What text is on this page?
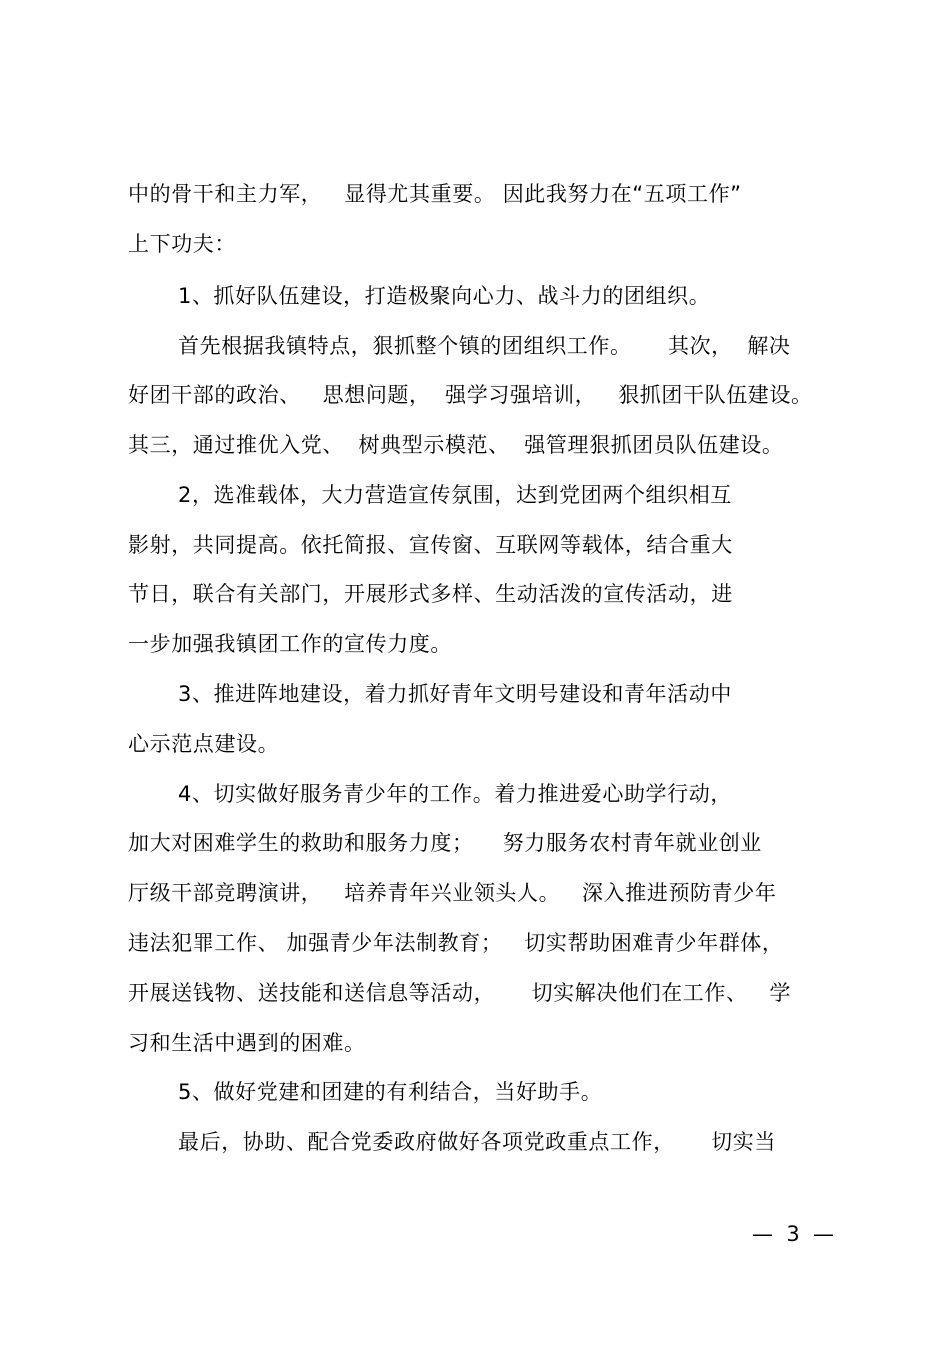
中的骨干和主力军，   显得尤其重要。 因此我努力在“五项工作”
上下功夫：
1、抓好队伍建设，打造极聚向心力、战斗力的团组织。
首先根据我镇特点，狠抓整个镇的团组织工作。     其次，  解决
好团干部的政治、   思想问题，  强学习强培训，   狠抓团干队伍建设。
其三，通过推优入党、  树典型示模范、  强管理狠抓团员队伍建设。
2，选准载体，大力营造宣传氛围，达到党团两个组织相互
影射，共同提高。依托简报、宣传窗、互联网等载体，结合重大
节日，联合有关部门，开展形式多样、生动活泼的宣传活动，进
一步加强我镇团工作的宣传力度。
3、推进阵地建设，着力抓好青年文明号建设和青年活动中
心示范点建设。
4、切实做好服务青少年的工作。着力推进爱心助学行动，
加大对困难学生的救助和服务力度；    努力服务农村青年就业创业
厅级干部竞聘演讲，   培养青年兴业领头人。   深入推进预防青少年
违法犯罪工作、 加强青少年法制教育；   切实帮助困难青少年群体，
开展送钱物、送技能和送信息等活动，     切实解决他们在工作、   学
习和生活中遇到的困难。
5、做好党建和团建的有利结合，当好助手。
最后，协助、配合党委政府做好各项党政重点工作，     切实当
—  3  —
